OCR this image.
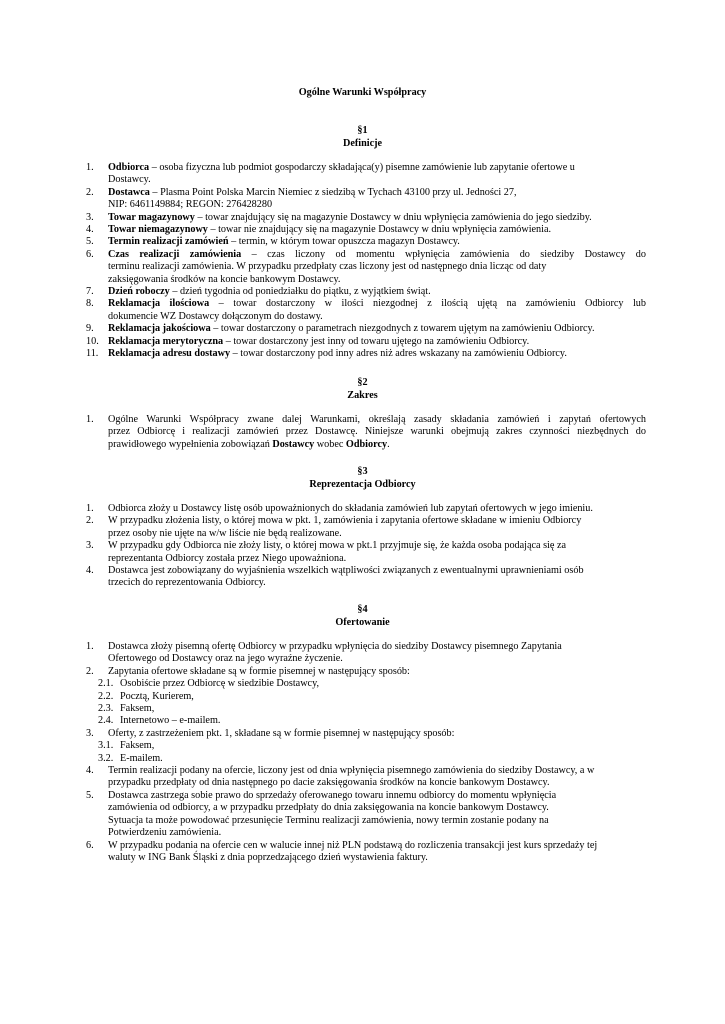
Ogólne Warunki Współpracy
§1
Definicje
1.	Odbiorca – osoba fizyczna lub podmiot gospodarczy składająca(y) pisemne zamówienie lub zapytanie ofertowe u
Dostawcy.
2.	Dostawca – Plasma Point Polska Marcin Niemiec z siedzibą w Tychach 43100 przy ul. Jedności 27,
NIP: 6461149884; REGON: 276428280
3.	Towar magazynowy – towar znajdujący się na magazynie Dostawcy w dniu wpłynięcia zamówienia do jego siedziby.
4.	Towar niemagazynowy – towar nie znajdujący się na magazynie Dostawcy w dniu wpłynięcia zamówienia.
5.	Termin realizacji zamówień – termin, w którym towar opuszcza magazyn Dostawcy.
6.	Czas realizacji zamówienia – czas liczony od momentu wpłynięcia zamówienia do siedziby Dostawcy do
terminu realizacji zamówienia. W przypadku przedpłaty czas liczony jest od następnego dnia licząc od daty
zaksięgowania środków na koncie bankowym Dostawcy.
7.	Dzień roboczy – dzień tygodnia od poniedziałku do piątku, z wyjątkiem świąt.
8.	Reklamacja ilościowa – towar dostarczony w ilości niezgodnej z ilością ujętą na zamówieniu Odbiorcy lub
dokumencie WZ Dostawcy dołączonym do dostawy.
9.	Reklamacja jakościowa – towar dostarczony o parametrach niezgodnych z towarem ujętym na zamówieniu Odbiorcy.
10. Reklamacja merytoryczna – towar dostarczony jest inny od towaru ujętego na zamówieniu Odbiorcy.
11. Reklamacja adresu dostawy – towar dostarczony pod inny adres niż adres wskazany na zamówieniu Odbiorcy.
§2
Zakres
1.	Ogólne Warunki Współpracy zwane dalej Warunkami, określają zasady składania zamówień i zapytań ofertowych
przez Odbiorcę i realizacji zamówień przez Dostawcę. Niniejsze warunki obejmują zakres czynności niezbędnych do
prawidłowego wypełnienia zobowiązań Dostawcy wobec Odbiorcy.
§3
Reprezentacja Odbiorcy
1.	Odbiorca złoży u Dostawcy listę osób upoważnionych do składania zamówień lub zapytań ofertowych w jego imieniu.
2.	W przypadku złożenia listy, o której mowa w pkt. 1, zamówienia i zapytania ofertowe składane w imieniu Odbiorcy
przez osoby nie ujęte na w/w liście nie będą realizowane.
3.	W przypadku gdy Odbiorca nie złoży listy, o której mowa w pkt.1 przyjmuje się, że każda osoba podająca się za
reprezentanta Odbiorcy została przez Niego upoważniona.
4.	Dostawca jest zobowiązany do wyjaśnienia wszelkich wątpliwości związanych z ewentualnymi uprawnieniami osób
trzecich do reprezentowania Odbiorcy.
§4
Ofertowanie
1.	Dostawca złoży pisemną ofertę Odbiorcy w przypadku wpłynięcia do siedziby Dostawcy pisemnego Zapytania
Ofertowego od Dostawcy oraz na jego wyraźne życzenie.
2.	Zapytania ofertowe składane są w formie pisemnej w następujący sposób:
2.1. Osobiście przez Odbiorcę w siedzibie Dostawcy,
2.2. Pocztą, Kurierem,
2.3. Faksem,
2.4. Internetowo – e-mailem.
3.	Oferty, z zastrzeżeniem pkt. 1, składane są w formie pisemnej w następujący sposób:
3.1. Faksem,
3.2. E-mailem.
4.	Termin realizacji podany na ofercie, liczony jest od dnia wpłynięcia pisemnego zamówienia do siedziby Dostawcy, a w
przypadku przedpłaty od dnia następnego po dacie zaksięgowania środków na koncie bankowym Dostawcy.
5.	Dostawca zastrzega sobie prawo do sprzedaży oferowanego towaru innemu odbiorcy do momentu wpłynięcia
zamówienia od odbiorcy, a w przypadku przedpłaty do dnia zaksięgowania na koncie bankowym Dostawcy.
Sytuacja ta może powodować przesunięcie Terminu realizacji zamówienia, nowy termin zostanie podany na
Potwierdzeniu zamówienia.
6.	W przypadku podania na ofercie cen w walucie innej niż PLN podstawą do rozliczenia transakcji jest kurs sprzedaży tej
waluty w ING Bank Śląski z dnia poprzedzającego dzień wystawienia faktury.
